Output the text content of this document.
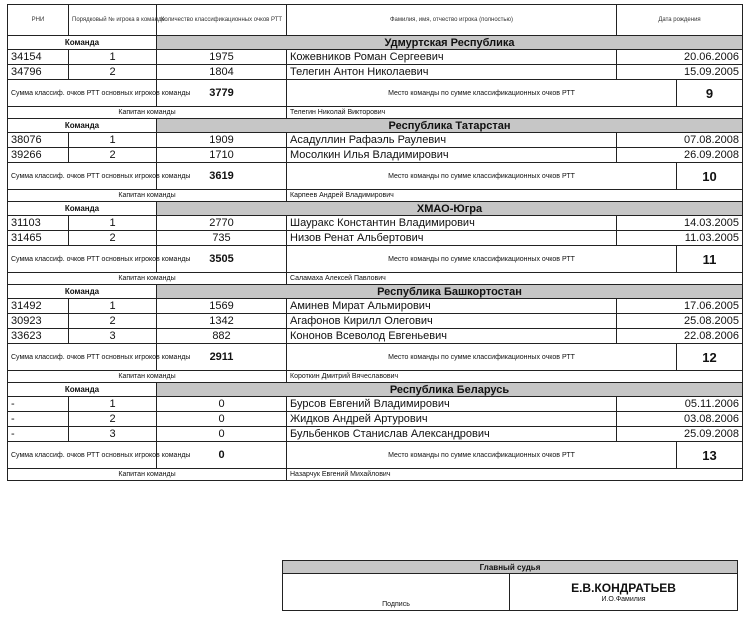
РНИ	Порядковый № игрока в команде	Количество классификационных очков РТТ	Фамилия, имя, отчество игрока (полностью)	Дата рождения	
Команда		Удмуртская Республика			
34154	1	1975	Кожевников Роман Сергеевич	20.06.2006	
34796	2	1804	Телегин Антон Николаевич	15.09.2005	
Сумма классиф. очков РТТ основных игроков команды		3779	Место команды по сумме классификационных очков РТТ		9
Капитан команды			Телегин Николай Викторович		
Команда		Республика Татарстан			
38076	1	1909	Асадуллин Рафаэль Раулевич	07.08.2008	
39266	2	1710	Мосолкин Илья Владимирович	26.09.2008	
Сумма классиф. очков РТТ основных игроков команды		3619	Место команды по сумме классификационных очков РТТ		10
Капитан команды			Карпеев Андрей Владимирович		
Команда		ХМАО-Югра			
31103	1	2770	Шауракс Константин Владимирович	14.03.2005	
31465	2	735	Низов Ренат Альбертович	11.03.2005	
Сумма классиф. очков РТТ основных игроков команды		3505	Место команды по сумме классификационных очков РТТ		11
Капитан команды			Саламаха Алексей Павлович		
Команда		Республика Башкортостан			
31492	1	1569	Аминев Мират Альмирович	17.06.2005	
30923	2	1342	Агафонов Кирилл Олегович	25.08.2005	
33623	3	882	Кононов Всеволод Евгеньевич	22.08.2006	
Сумма классиф. очков РТТ основных игроков команды		2911	Место команды по сумме классификационных очков РТТ		12
Капитан команды			Короткин Дмитрий Вячеславович		
Команда		Республика Беларусь			
-	1	0	Бурсов Евгений Владимирович	05.11.2006	
-	2	0	Жидков Андрей Артурович	03.08.2006	
-	3	0	Бульбенков Станислав Александрович	25.09.2008	
Сумма классиф. очков РТТ основных игроков команды		0	Место команды по сумме классификационных очков РТТ		13
Капитан команды			Назарчук Евгений Михайлович		
Главный судья
Подпись	
Е.В.КОНДРАТЬЕВ
И.О.Фамилия
